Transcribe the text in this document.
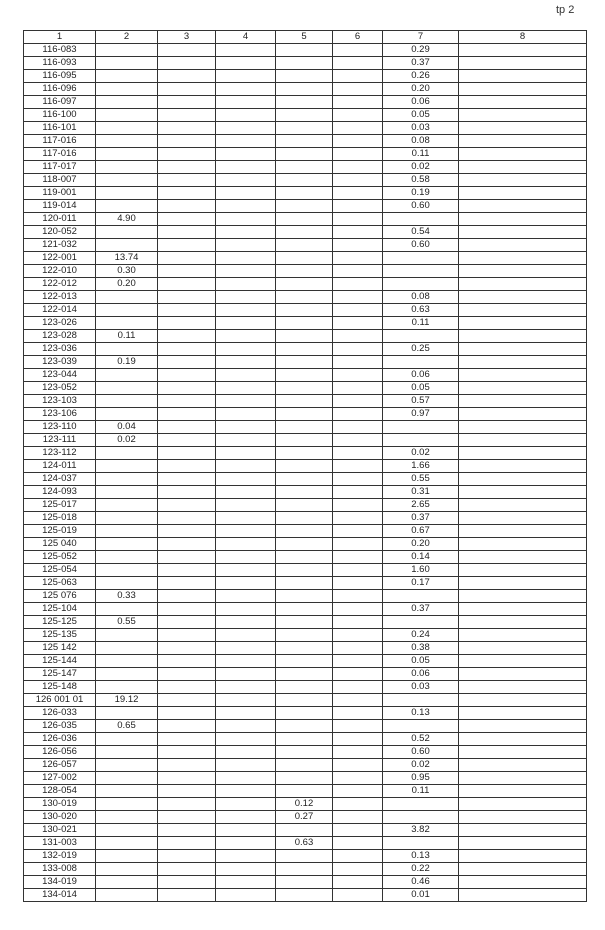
tp 2
1	2	3	4	5	6	7	8
116-083						0.29	
116-093						0.37	
116-095						0.26	
116-096						0.20	
116-097						0.06	
116-100						0.05	
116-101						0.03	
117-016						0.08	
117-016						0.11	
117-017						0.02	
118-007						0.58	
119-001						0.19	
119-014						0.60	
120-011	4.90						
120-052						0.54	
121-032						0.60	
122-001	13.74						
122-010	0.30						
122-012	0.20						
122-013						0.08	
122-014						0.63	
123-026						0.11	
123-028	0.11						
123-036						0.25	
123-039	0.19						
123-044						0.06	
123-052						0.05	
123-103						0.57	
123-106						0.97	
123-110	0.04						
123-111	0.02						
123-112						0.02	
124-011						1.66	
124-037						0.55	
124-093						0.31	
125-017						2.65	
125-018						0.37	
125-019						0.67	
125 040						0.20	
125-052						0.14	
125-054						1.60	
125-063						0.17	
125 076	0.33						
125-104						0.37	
125-125	0.55						
125-135						0.24	
125 142						0.38	
125-144						0.05	
125-147						0.06	
125-148						0.03	
126 001 01	19.12						
126-033						0.13	
126-035	0.65						
126-036						0.52	
126-056						0.60	
126-057						0.02	
127-002						0.95	
128-054						0.11	
130-019				0.12			
130-020				0.27			
130-021						3.82	
131-003				0.63			
132-019						0.13	
133-008						0.22	
134-019						0.46	
134-014						0.01	
